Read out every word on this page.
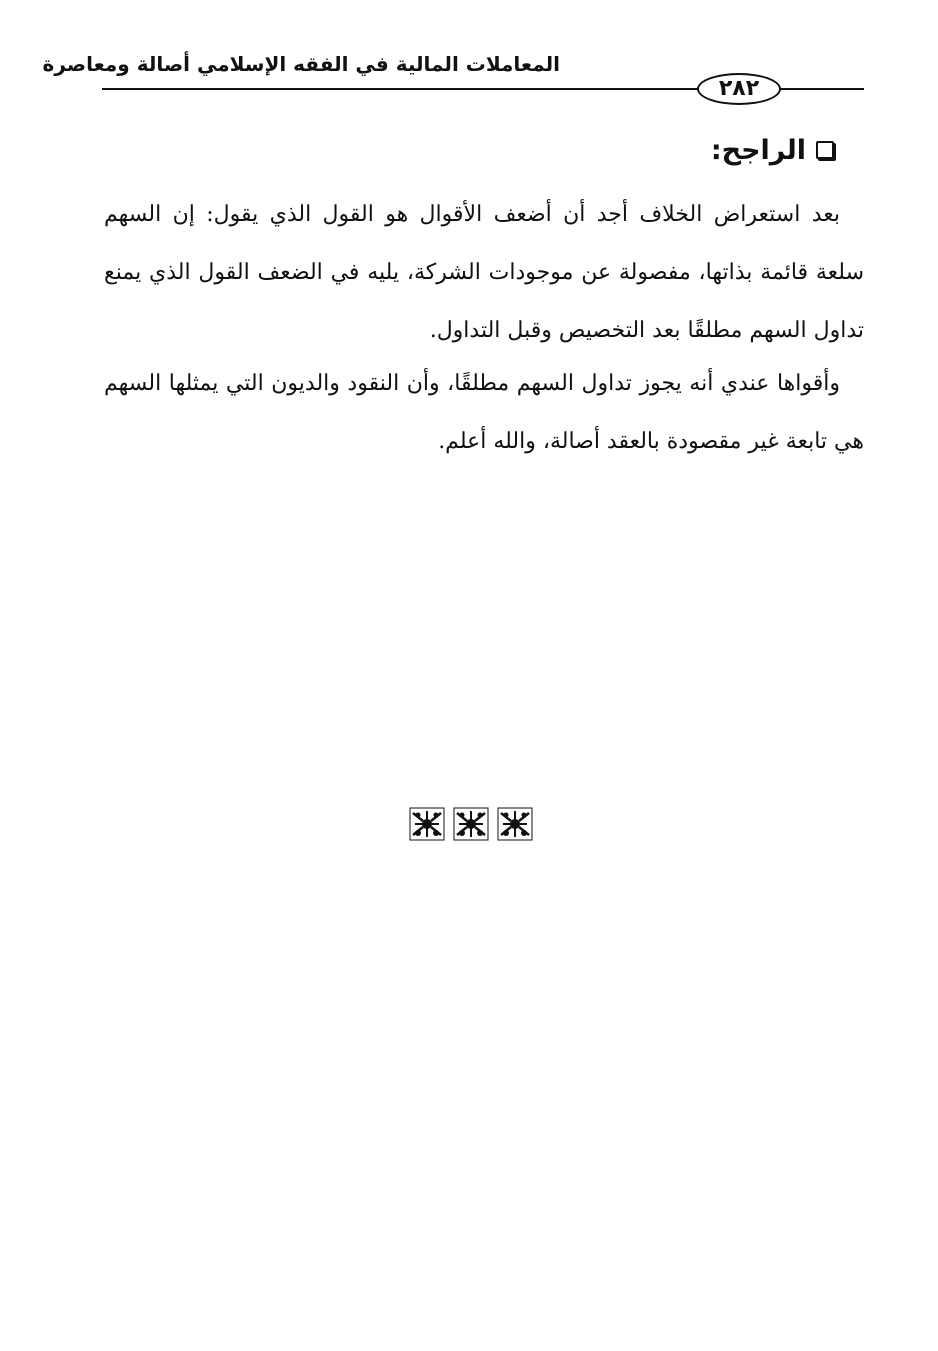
المعاملات المالية في الفقه الإسلامي أصالة ومعاصرة
٢٨٢
الراجح:

بعد استعراض الخلاف أجد أن أضعف الأقوال هو القول الذي يقول: إن السهم سلعة قائمة بذاتها، مفصولة عن موجودات الشركة، يليه في الضعف القول الذي يمنع تداول السهم مطلقًا بعد التخصيص وقبل التداول.

وأقواها عندي أنه يجوز تداول السهم مطلقًا، وأن النقود والديون التي يمثلها السهم هي تابعة غير مقصودة بالعقد أصالة، والله أعلم.
